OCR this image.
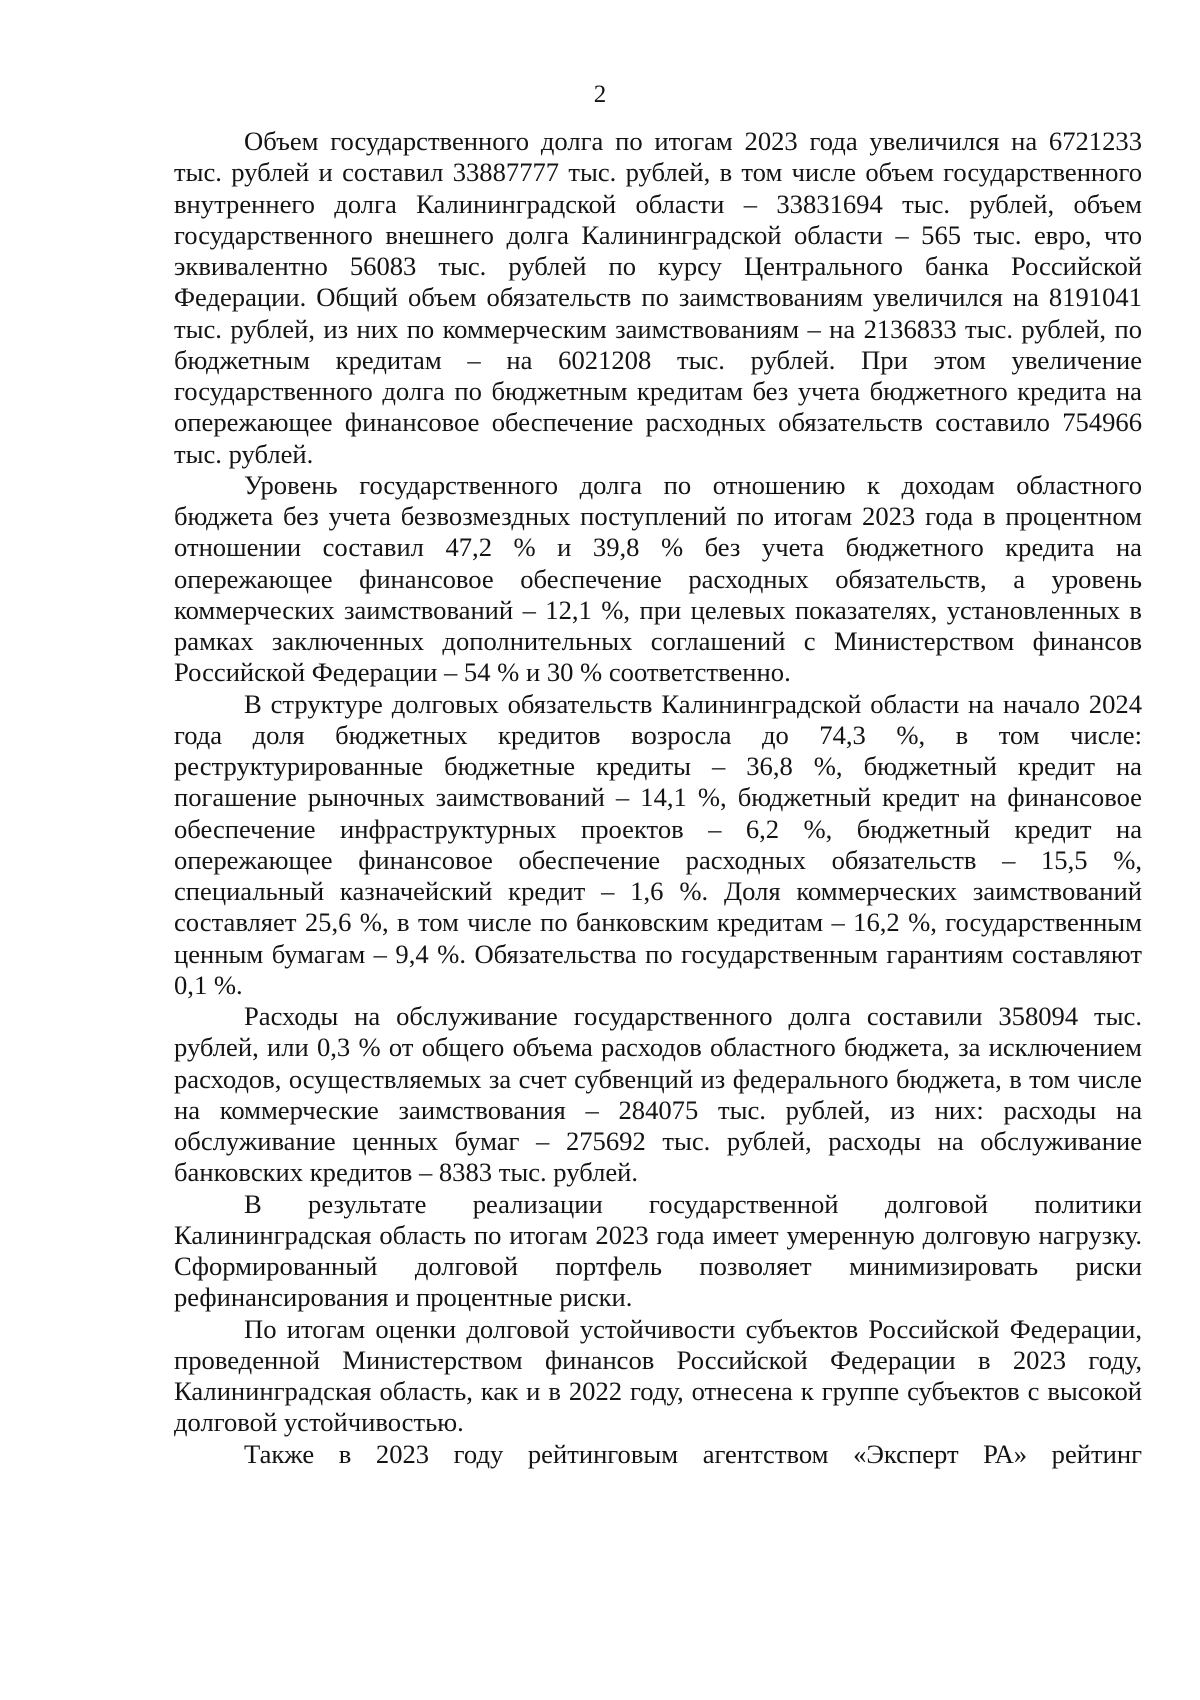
2

Объем государственного долга по итогам 2023 года увеличился на 6721233 тыс. рублей и составил 33887777 тыс. рублей, в том числе объем государственного внутреннего долга Калининградской области – 33831694 тыс. рублей, объем государственного внешнего долга Калининградской области – 565 тыс. евро, что эквивалентно 56083 тыс. рублей по курсу Центрального банка Российской Федерации. Общий объем обязательств по заимствованиям увеличился на 8191041 тыс. рублей, из них по коммерческим заимствованиям – на 2136833 тыс. рублей, по бюджетным кредитам – на 6021208 тыс. рублей. При этом увеличение государственного долга по бюджетным кредитам без учета бюджетного кредита на опережающее финансовое обеспечение расходных обязательств составило 754966 тыс. рублей.

Уровень государственного долга по отношению к доходам областного бюджета без учета безвозмездных поступлений по итогам 2023 года в процентном отношении составил 47,2 % и 39,8 % без учета бюджетного кредита на опережающее финансовое обеспечение расходных обязательств, а уровень коммерческих заимствований – 12,1 %, при целевых показателях, установленных в рамках заключенных дополнительных соглашений с Министерством финансов Российской Федерации – 54 % и 30 % соответственно.

В структуре долговых обязательств Калининградской области на начало 2024 года доля бюджетных кредитов возросла до 74,3 %, в том числе: реструктурированные бюджетные кредиты – 36,8 %, бюджетный кредит на погашение рыночных заимствований – 14,1 %, бюджетный кредит на финансовое обеспечение инфраструктурных проектов – 6,2 %, бюджетный кредит на опережающее финансовое обеспечение расходных обязательств – 15,5 %, специальный казначейский кредит – 1,6 %. Доля коммерческих заимствований составляет 25,6 %, в том числе по банковским кредитам – 16,2 %, государственным ценным бумагам – 9,4 %. Обязательства по государственным гарантиям составляют 0,1 %.

Расходы на обслуживание государственного долга составили 358094 тыс. рублей, или 0,3 % от общего объема расходов областного бюджета, за исключением расходов, осуществляемых за счет субвенций из федерального бюджета, в том числе на коммерческие заимствования – 284075 тыс. рублей, из них: расходы на обслуживание ценных бумаг – 275692 тыс. рублей, расходы на обслуживание банковских кредитов – 8383 тыс. рублей.

В результате реализации государственной долговой политики Калининградская область по итогам 2023 года имеет умеренную долговую нагрузку. Сформированный долговой портфель позволяет минимизировать риски рефинансирования и процентные риски.

По итогам оценки долговой устойчивости субъектов Российской Федерации, проведенной Министерством финансов Российской Федерации в 2023 году, Калининградская область, как и в 2022 году, отнесена к группе субъектов с высокой долговой устойчивостью.

Также в 2023 году рейтинговым агентством «Эксперт РА» рейтинг
